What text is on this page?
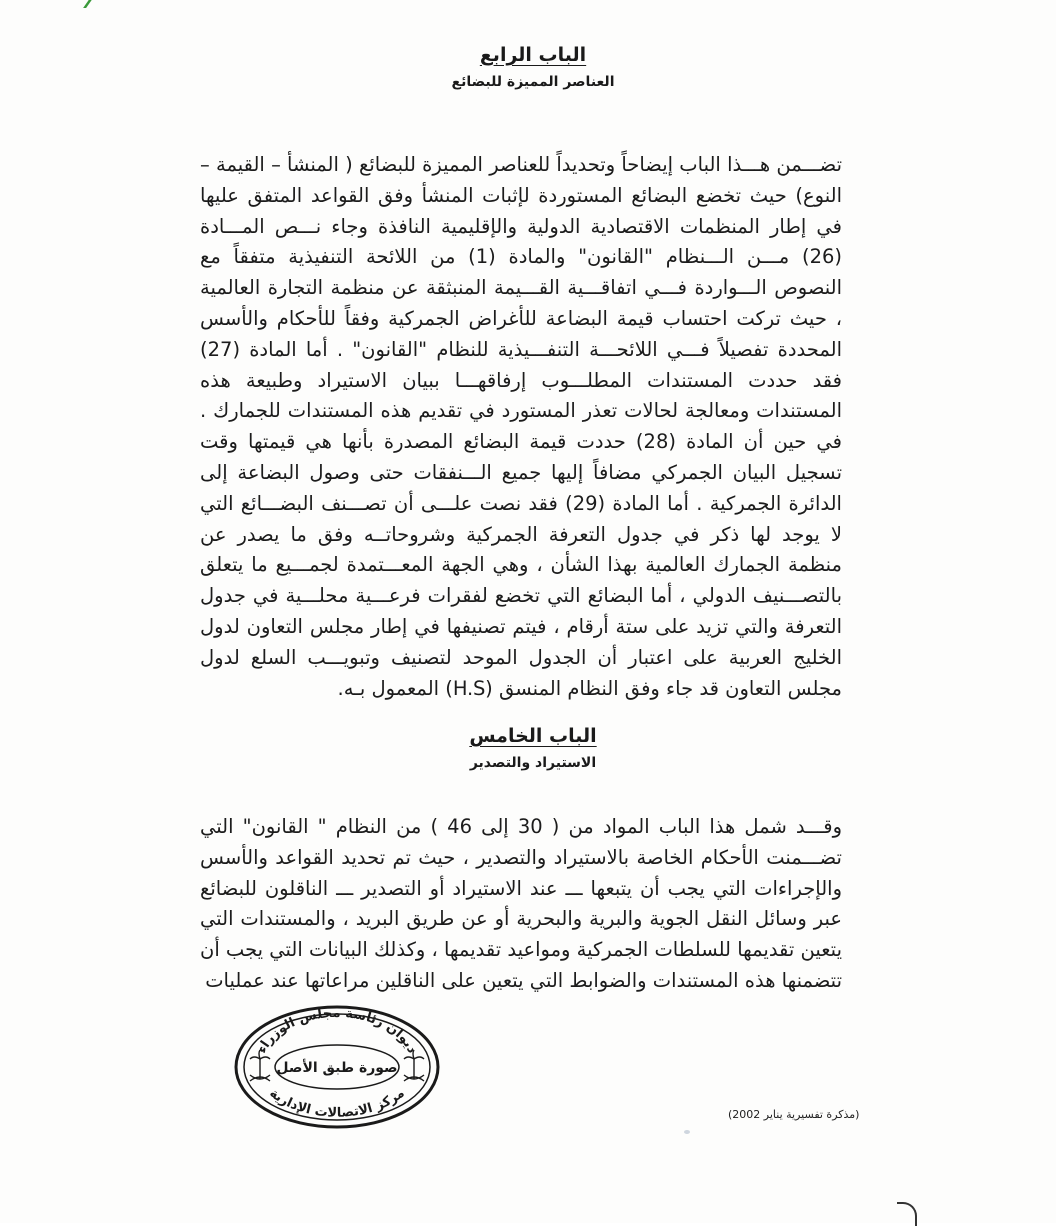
الباب الرابع
العناصر المميزة للبضائع
تضـــمن هـــذا الباب إيضاحاً وتحديداً للعناصر المميزة للبضائع ( المنشأ – القيمة – النوع) حيث تخضع البضائع المستوردة لإثبات المنشأ وفق القواعد المتفق عليها في إطار المنظمات الاقتصادية الدولية والإقليمية النافذة وجاء نـــص المـــادة (26) مـــن الـــنظام "القانون" والمادة (1) من اللائحة التنفيذية متفقاً مع النصوص الـــواردة فـــي اتفاقـــية القـــيمة المنبثقة عن منظمة التجارة العالمية ، حيث تركت احتساب قيمة البضاعة للأغراض الجمركية وفقاً للأحكام والأسس المحددة تفصيلاً فـــي اللائحـــة التنفـــيذية للنظام "القانون" . أما المادة (27) فقد حددت المستندات المطلـــوب إرفاقهـــا ببيان الاستيراد وطبيعة هذه المستندات ومعالجة لحالات تعذر المستورد في تقديم هذه المستندات للجمارك . في حين أن المادة (28) حددت قيمة البضائع المصدرة بأنها هي قيمتها وقت تسجيل البيان الجمركي مضافاً إليها جميع الـــنفقات حتى وصول البضاعة إلى الدائرة الجمركية . أما المادة (29) فقد نصت علـــى أن تصـــنف البضـــائع التي لا يوجد لها ذكر في جدول التعرفة الجمركية وشروحاتــه وفق ما يصدر عن منظمة الجمارك العالمية بهذا الشأن ، وهي الجهة المعـــتمدة لجمـــيع ما يتعلق بالتصـــنيف الدولي ، أما البضائع التي تخضع لفقرات فرعـــية محلـــية في جدول التعرفة والتي تزيد على ستة أرقام ، فيتم تصنيفها في إطار مجلس التعاون لدول الخليج العربية على اعتبار أن الجدول الموحد لتصنيف وتبويـــب السلع لدول مجلس التعاون قد جاء وفق النظام المنسق (H.S) المعمول بـه.
الباب الخامس
الاستيراد والتصدير
وقـــد شمل هذا الباب المواد من ( 30 إلى 46 ) من النظام " القانون" التي تضـــمنت الأحكام الخاصة بالاستيراد والتصدير ، حيث تم تحديد القواعد والأسس والإجراءات التي يجب أن يتبعها ـــ عند الاستيراد أو التصدير ـــ الناقلون للبضائع عبر وسائل النقل الجوية والبرية والبحرية أو عن طريق البريد ، والمستندات التي يتعين تقديمها للسلطات الجمركية ومواعيد تقديمها ، وكذلك البيانات التي يجب أن تتضمنها هذه المستندات والضوابط التي يتعين على الناقلين مراعاتها عند عمليات
ديوان رئاسة مجلس الوزراء
صورة طبق الأصل
مركز الاتصالات الإدارية
(مذكرة تفسيرية يناير 2002)
